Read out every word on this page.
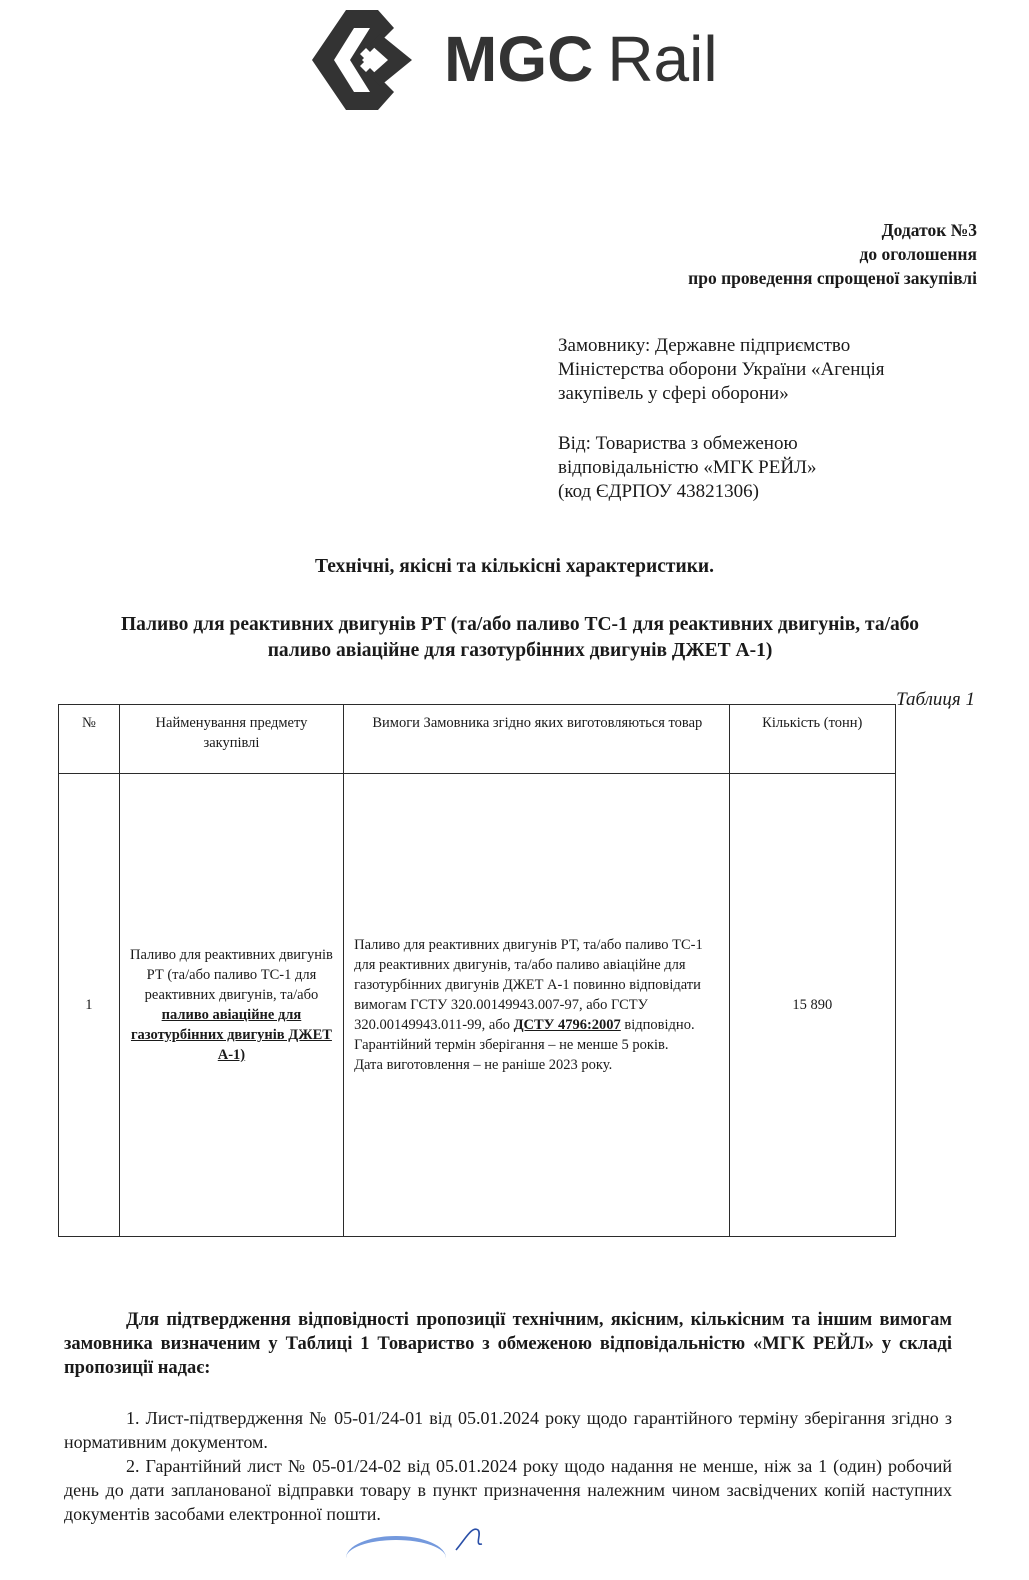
MGC Rail
Додаток №3
до оголошення
про проведення спрощеної закупівлі

Замовнику: Державне підприємство

Міністерства оборони України «Агенція

закупівель у сфері оборони»

Від: Товариства з обмеженою

відповідальністю «МГК РЕЙЛ»

(код ЄДРПОУ 43821306)

Технічні, якісні та кількісні характеристики.
Паливо для реактивних двигунів РТ (та/або паливо ТС-1 для реактивних двигунів, та/або паливо авіаційне для газотурбінних двигунів ДЖЕТ А-1)
Таблиця 1
№	Найменування предмету закупівлі	Вимоги Замовника згідно яких виготовляються товар	Кількість (тонн)
1	Паливо для реактивних двигунів РТ (та/або паливо ТС-1 для реактивних двигунів, та/або паливо авіаційне для газотурбінних двигунів ДЖЕТ А-1)	Паливо для реактивних двигунів РТ, та/або паливо ТС-1 для реактивних двигунів, та/або паливо авіаційне для газотурбінних двигунів ДЖЕТ А-1 повинно відповідати вимогам ГСТУ 320.00149943.007-97, або ГСТУ 320.00149943.011-99, або ДСТУ 4796:2007 відповідно.
Гарантійний термін зберігання – не менше 5 років.
Дата виготовлення – не раніше 2023 року.	15 890
Для підтвердження відповідності пропозиції технічним, якісним, кількісним та іншим вимогам замовника визначеним у Таблиці 1 Товариство з обмеженою відповідальністю «МГК РЕЙЛ» у складі пропозиції надає:

1. Лист-підтвердження № 05-01/24-01 від 05.01.2024 року щодо гарантійного терміну зберігання згідно з нормативним документом.

2. Гарантійний лист № 05-01/24-02 від 05.01.2024 року щодо надання не менше, ніж за 1 (один) робочий день до дати запланованої відправки товару в пункт призначення належним чином засвідчених копій наступних документів засобами електронної пошти.
